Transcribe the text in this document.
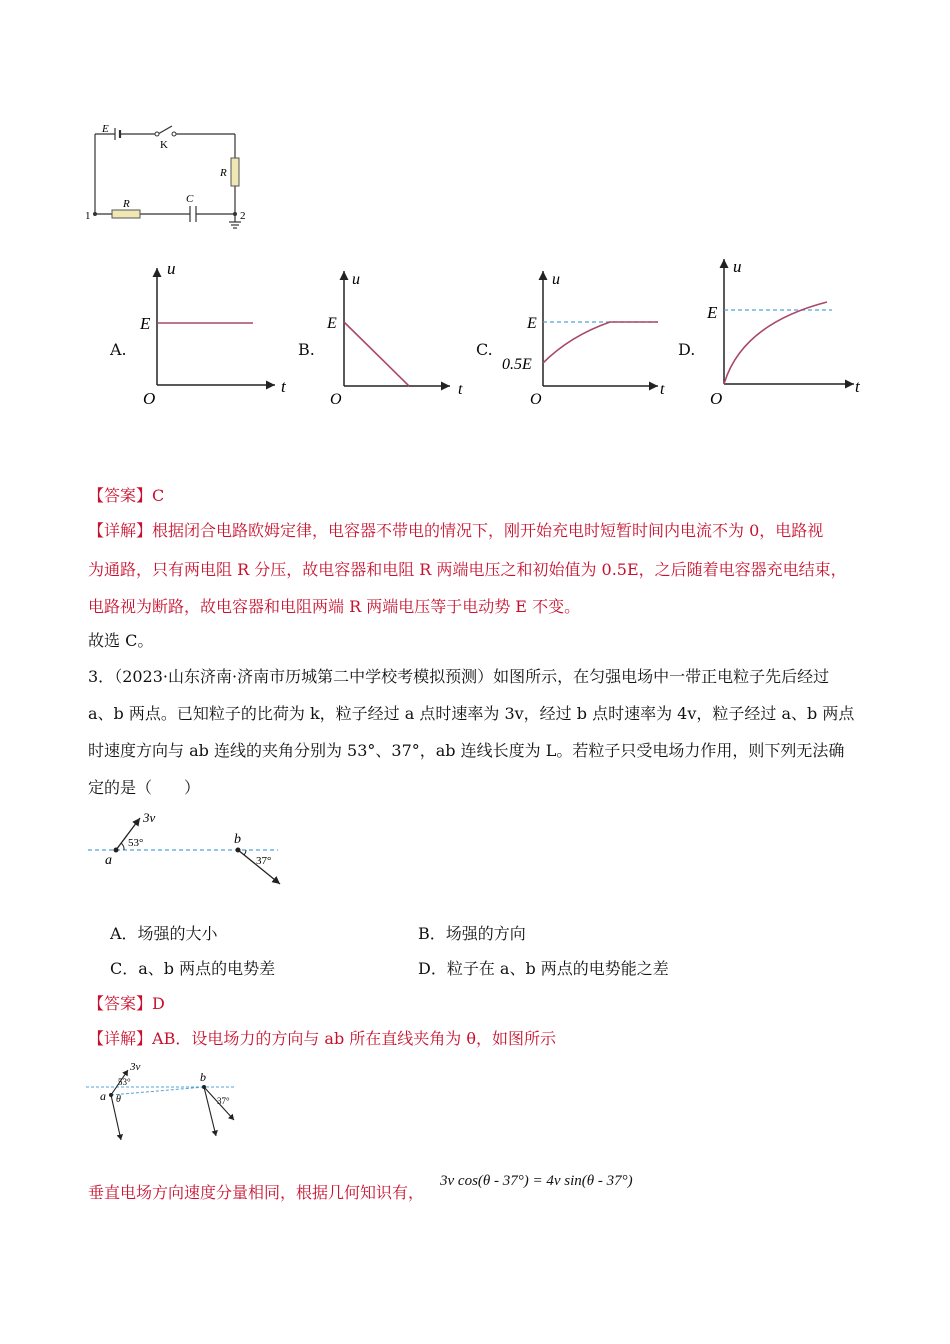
E
K
R
R	C
1	2
A.
u
t
O
E
B.
u
t
O
E
C.
u
t
O
E
0.5E
D.
u
t
O
E
【答案】C
【详解】根据闭合电路欧姆定律，电容器不带电的情况下，刚开始充电时短暂时间内电流不为 0，电路视
为通路，只有两电阻 R 分压，故电容器和电阻 R 两端电压之和初始值为 0.5E，之后随着电容器充电结束，
电路视为断路，故电容器和电阻两端 R 两端电压等于电动势 E 不变。
故选 C。
3．（2023·山东济南·济南市历城第二中学校考模拟预测）如图所示，在匀强电场中一带正电粒子先后经过
a、b 两点。已知粒子的比荷为 k，粒子经过 a 点时速率为 3v，经过 b 点时速率为 4v，粒子经过 a、b 两点
时速度方向与 ab 连线的夹角分别为 53°、37°，ab 连线长度为 L。若粒子只受电场力作用，则下列无法确
定的是（　　）
3v
53°
37°
a
b
A．场强的大小	B．场强的方向
C．a、b 两点的电势差	D．粒子在 a、b 两点的电势能之差
【答案】D
【详解】AB．设电场力的方向与 ab 所在直线夹角为 θ，如图所示
3v
53°
θ	37°
a
b
垂直电场方向速度分量相同，根据几何知识有，
3v cos(θ - 37°) = 4v sin(θ - 37°)
